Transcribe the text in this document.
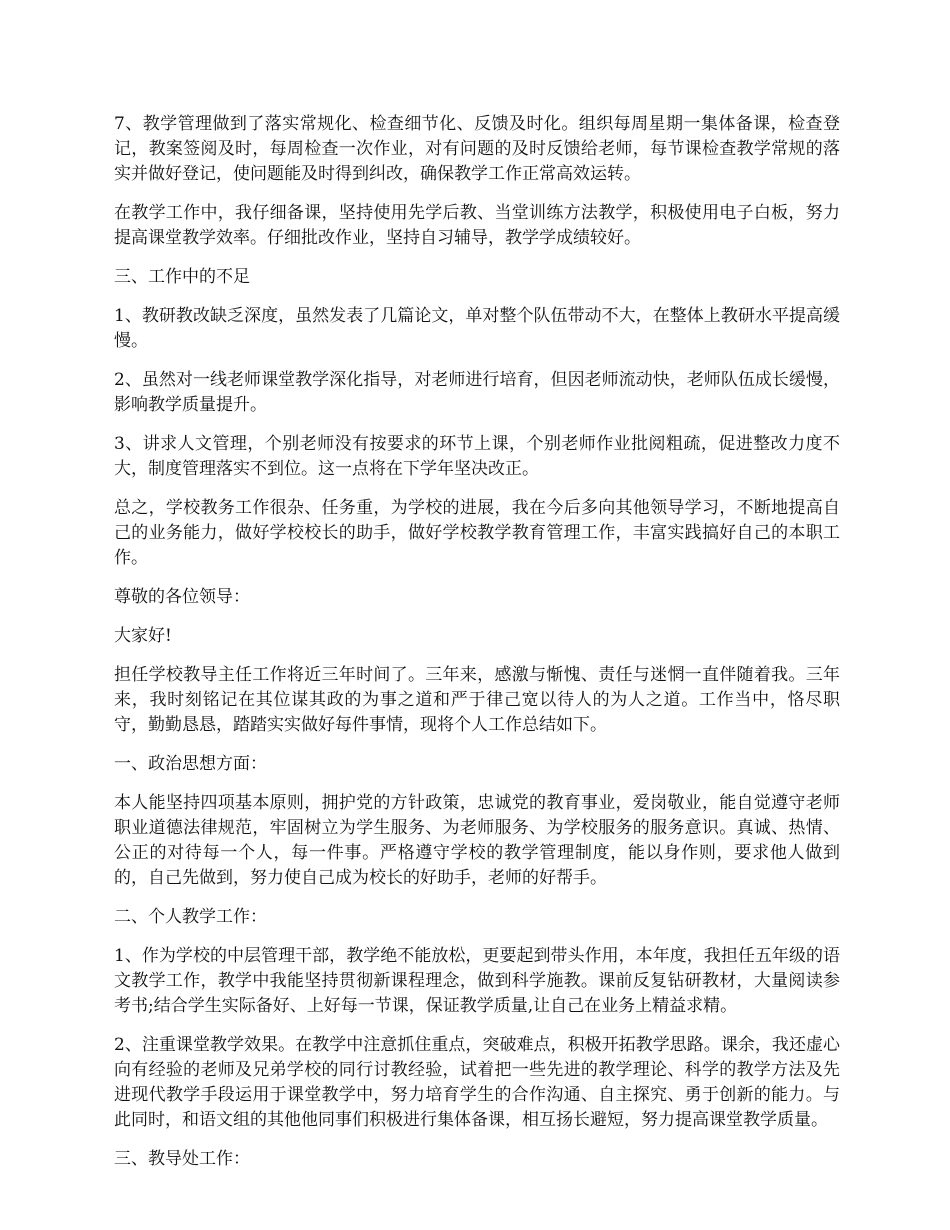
7、教学管理做到了落实常规化、检查细节化、反馈及时化。组织每周星期一集体备课，检查登记，教案签阅及时，每周检查一次作业，对有问题的及时反馈给老师，每节课检查教学常规的落实并做好登记，使问题能及时得到纠改，确保教学工作正常高效运转。

在教学工作中，我仔细备课，坚持使用先学后教、当堂训练方法教学，积极使用电子白板，努力提高课堂教学效率。仔细批改作业，坚持自习辅导，教学学成绩较好。

三、工作中的不足

1、教研教改缺乏深度，虽然发表了几篇论文，单对整个队伍带动不大，在整体上教研水平提高缓慢。

2、虽然对一线老师课堂教学深化指导，对老师进行培育，但因老师流动快，老师队伍成长缓慢，影响教学质量提升。

3、讲求人文管理，个别老师没有按要求的环节上课，个别老师作业批阅粗疏，促进整改力度不大，制度管理落实不到位。这一点将在下学年坚决改正。

总之，学校教务工作很杂、任务重，为学校的进展，我在今后多向其他领导学习，不断地提高自己的业务能力，做好学校校长的助手，做好学校教学教育管理工作，丰富实践搞好自己的本职工作。

尊敬的各位领导：

大家好!

担任学校教导主任工作将近三年时间了。三年来，感激与惭愧、责任与迷惘一直伴随着我。三年来，我时刻铭记在其位谋其政的为事之道和严于律己宽以待人的为人之道。工作当中，恪尽职守，勤勤恳恳，踏踏实实做好每件事情，现将个人工作总结如下。

一、政治思想方面：

本人能坚持四项基本原则，拥护党的方针政策，忠诚党的教育事业，爱岗敬业，能自觉遵守老师职业道德法律规范，牢固树立为学生服务、为老师服务、为学校服务的服务意识。真诚、热情、公正的对待每一个人，每一件事。严格遵守学校的教学管理制度，能以身作则，要求他人做到的，自己先做到，努力使自己成为校长的好助手，老师的好帮手。

二、个人教学工作：

1、作为学校的中层管理干部，教学绝不能放松，更要起到带头作用，本年度，我担任五年级的语文教学工作，教学中我能坚持贯彻新课程理念，做到科学施教。课前反复钻研教材，大量阅读参考书;结合学生实际备好、上好每一节课，保证教学质量,让自己在业务上精益求精。

2、注重课堂教学效果。在教学中注意抓住重点，突破难点，积极开拓教学思路。课余，我还虚心向有经验的老师及兄弟学校的同行讨教经验，试着把一些先进的教学理论、科学的教学方法及先进现代教学手段运用于课堂教学中，努力培育学生的合作沟通、自主探究、勇于创新的能力。与此同时，和语文组的其他他同事们积极进行集体备课，相互扬长避短，努力提高课堂教学质量。

三、教导处工作：
